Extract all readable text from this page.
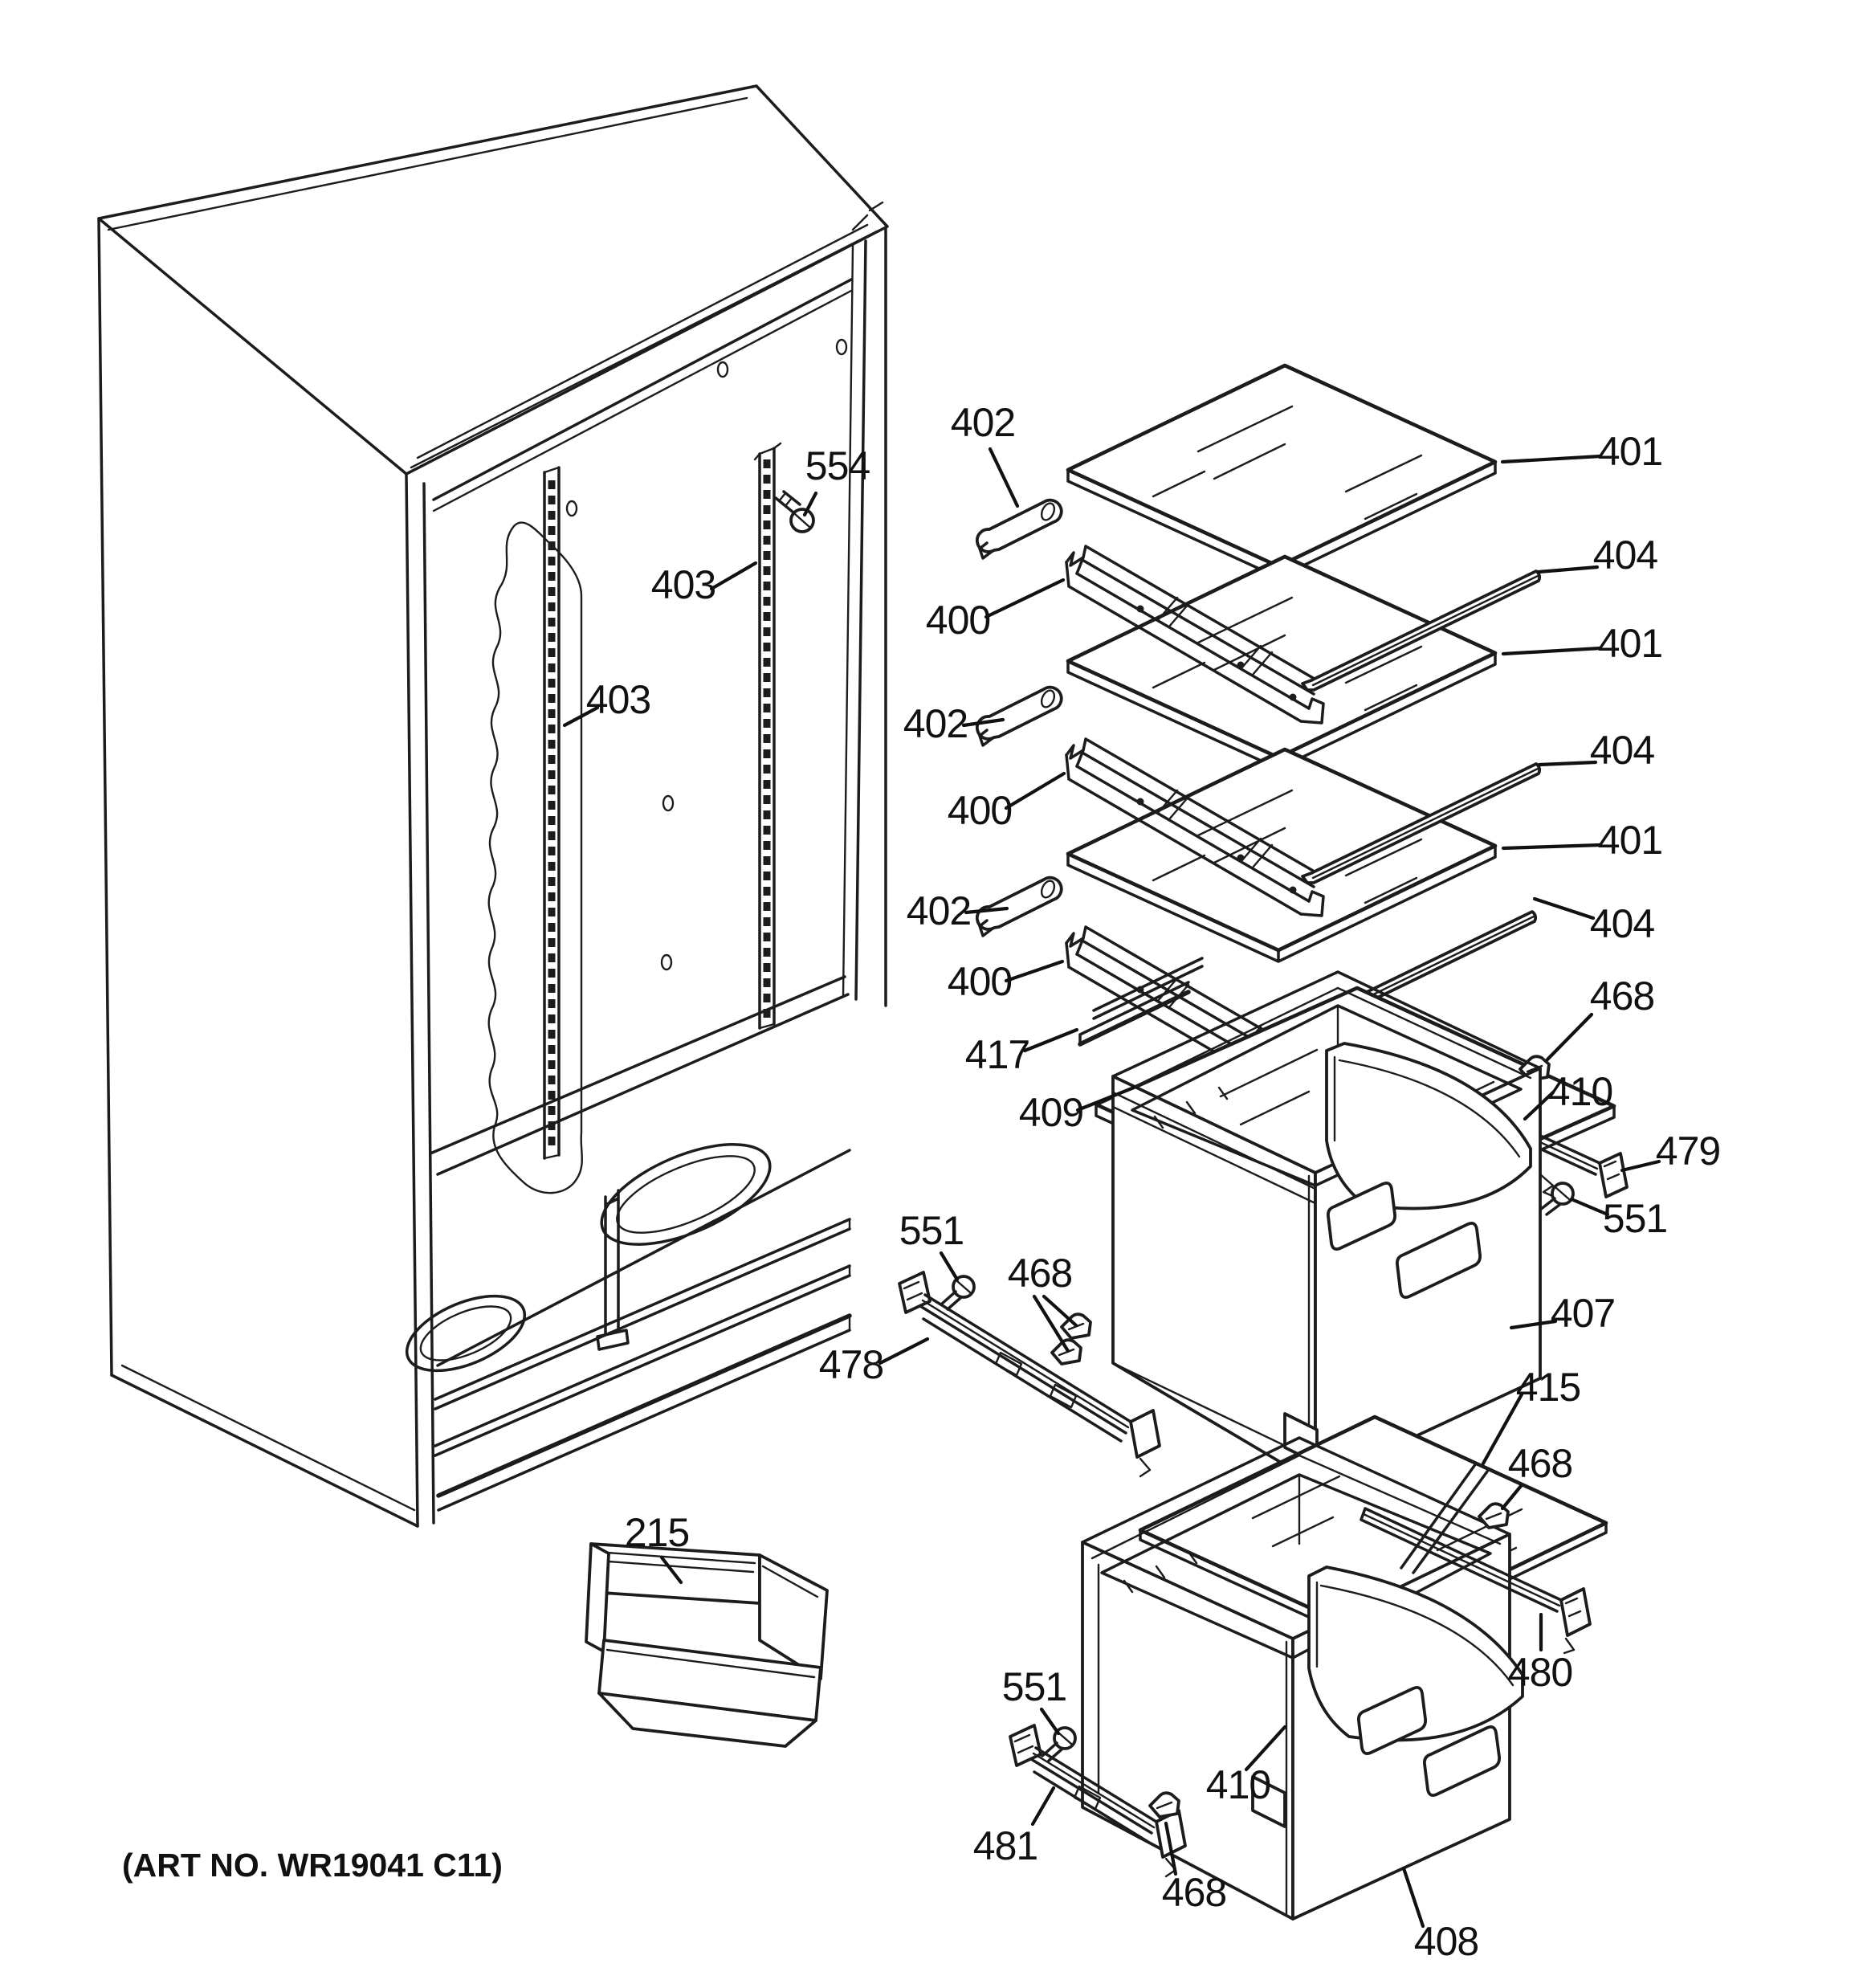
554
403
403
402
401
400
404
401
402
404
400
401
402	404
400
417
468
409	410
479
551
551
468
407
478	415
468
215
480
551
410
481
468
408
(ART NO. WR19041 C11)
